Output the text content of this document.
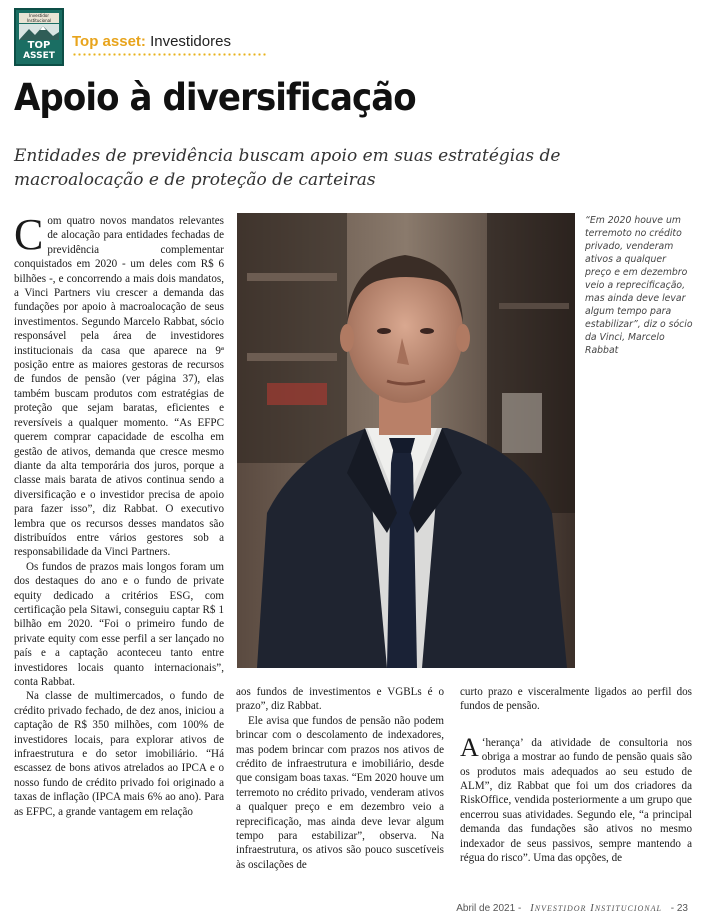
Investidor Institucional
TOP
ASSET
Top asset: Investidores
Apoio à diversificação
Entidades de previdência buscam apoio em suas estratégias de macroalocação e de proteção de carteiras

Com quatro novos mandatos relevantes de alocação para entidades fechadas de previdência complementar conquistados em 2020 - um deles com R$ 6 bilhões -, e concorrendo a mais dois mandatos, a Vinci Partners viu crescer a demanda das fundações por apoio à macroalocação de seus investimentos. Segundo Marcelo Rabbat, sócio responsável pela área de investidores institucionais da casa que aparece na 9ª posição entre as maiores gestoras de recursos de fundos de pensão (ver página 37), elas também buscam produtos com estratégias de proteção que sejam baratas, eficientes e reversíveis a qualquer momento. “As EFPC querem comprar capacidade de escolha em gestão de ativos, demanda que cresce mesmo diante da alta temporária dos juros, porque a classe mais barata de ativos continua sendo a diversificação e o investidor precisa de apoio para fazer isso”, diz Rabbat. O executivo lembra que os recursos desses mandatos são distribuídos entre vários gestores sob a responsabilidade da Vinci Partners.

Os fundos de prazos mais longos foram um dos destaques do ano e o fundo de private equity dedicado a critérios ESG, com certificação pela Sitawi, conseguiu captar R$ 1 bilhão em 2020. “Foi o primeiro fundo de private equity com esse perfil a ser lançado no país e a captação aconteceu tanto entre investidores locais quanto internacionais”, conta Rabbat.

Na classe de multimercados, o fundo de crédito privado fechado, de dez anos, iniciou a captação de R$ 350 milhões, com 100% de investidores locais, para explorar ativos de infraestrutura e do setor imobiliário. “Há escassez de bons ativos atrelados ao IPCA e o nosso fundo de crédito privado foi originado a taxas de inflação (IPCA mais 6% ao ano). Para as EFPC, a grande vantagem em relação

“Em 2020 houve um terremoto no crédito privado, venderam ativos a qualquer preço e em dezembro veio a reprecificação, mas ainda deve levar algum tempo para estabilizar”, diz o sócio da Vinci, Marcelo Rabbat

aos fundos de investimentos e VGBLs é o prazo”, diz Rabbat.

Ele avisa que fundos de pensão não podem brincar com o descolamento de indexadores, mas podem brincar com prazos nos ativos de crédito de infraestrutura e imobiliário, desde que consigam boas taxas. “Em 2020 houve um terremoto no crédito privado, venderam ativos a qualquer preço e em dezembro veio a reprecificação, mas ainda deve levar algum tempo para estabilizar”, observa. Na infraestrutura, os ativos são pouco suscetíveis às oscilações de

curto prazo e visceralmente ligados ao perfil dos fundos de pensão.

A ‘herança’ da atividade de consultoria nos obriga a mostrar ao fundo de pensão quais são os produtos mais adequados ao seu estudo de ALM”, diz Rabbat que foi um dos criadores da RiskOffice, vendida posteriormente a um grupo que encerrou suas atividades. Segundo ele, “a principal demanda das fundações são ativos no mesmo indexador de seus passivos, sempre mantendo a régua do risco”. Uma das opções, de

Abril de 2021 - Investidor Institucional - 23
